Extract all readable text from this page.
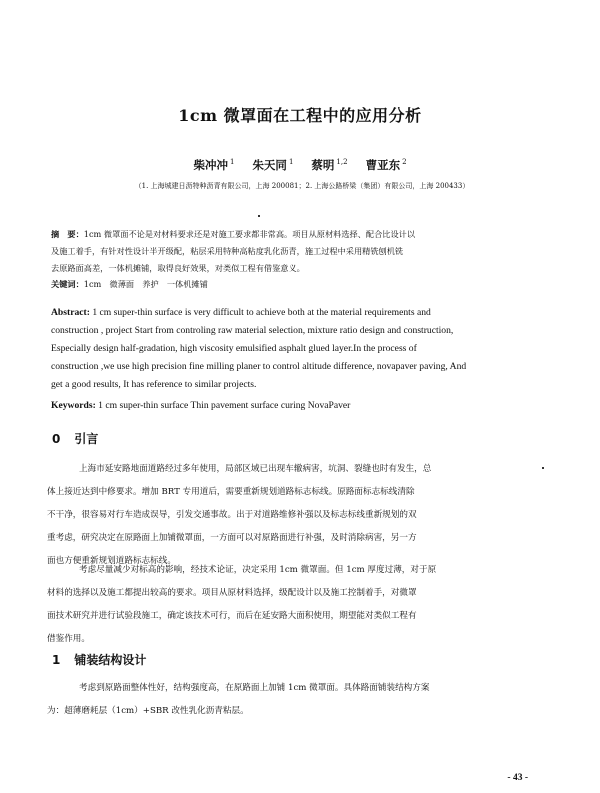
1cm 微罩面在工程中的应用分析
柴冲冲 $^1$ 朱天同 $^1$ 蔡明 $^{1,2}$ 曹亚东 $^2$
（1. 上海城建日沥特种沥青有限公司，上海 200081；2. 上海公路桥梁（集团）有限公司，上海 200433）
摘　要：1cm 微罩面不论是对材料要求还是对施工要求都非常高。项目从原材料选择、配合比设计以
及施工着手，有针对性设计半开级配，粘层采用特种高粘度乳化沥青，施工过程中采用精铣刨机铣
去原路面高差，一体机摊铺，取得良好效果，对类似工程有借鉴意义。
关键词：1cm　微薄面　养护　一体机摊铺
Abstract: 1 cm super-thin surface is very difficult to achieve both at the material requirements and
construction , project Start from controling raw material selection, mixture ratio design and construction,
Especially design half-gradation, high viscosity emulsified asphalt glued layer.In the process of
construction ,we use high precision fine milling planer to control altitude difference, novapaver paving, And
get a good results, It has reference to similar projects.
Keywords: 1 cm super-thin surface Thin pavement surface curing NovaPaver
0 引言
上海市延安路地面道路经过多年使用，局部区域已出现车辙病害，坑洞、裂缝也时有发生，总
体上接近达到中修要求。增加 BRT 专用道后，需要重新规划道路标志标线。原路面标志标线清除
不干净，很容易对行车造成误导，引发交通事故。出于对道路维修补强以及标志标线重新规划的双
重考虑，研究决定在原路面上加铺微罩面，一方面可以对原路面进行补强，及时消除病害，另一方
面也方便重新规划道路标志标线。
考虑尽量减少对标高的影响，经技术论证，决定采用 1cm 微罩面。但 1cm 厚度过薄，对于原
材料的选择以及施工都提出较高的要求。项目从原材料选择，级配设计以及施工控制着手，对微罩
面技术研究并进行试验段施工，确定该技术可行，而后在延安路大面积使用，期望能对类似工程有
借鉴作用。
1 铺装结构设计
考虑到原路面整体性好，结构强度高，在原路面上加铺 1cm 微罩面。具体路面铺装结构方案
为：超薄磨耗层（1cm）+SBR 改性乳化沥青粘层。
- 43 -
